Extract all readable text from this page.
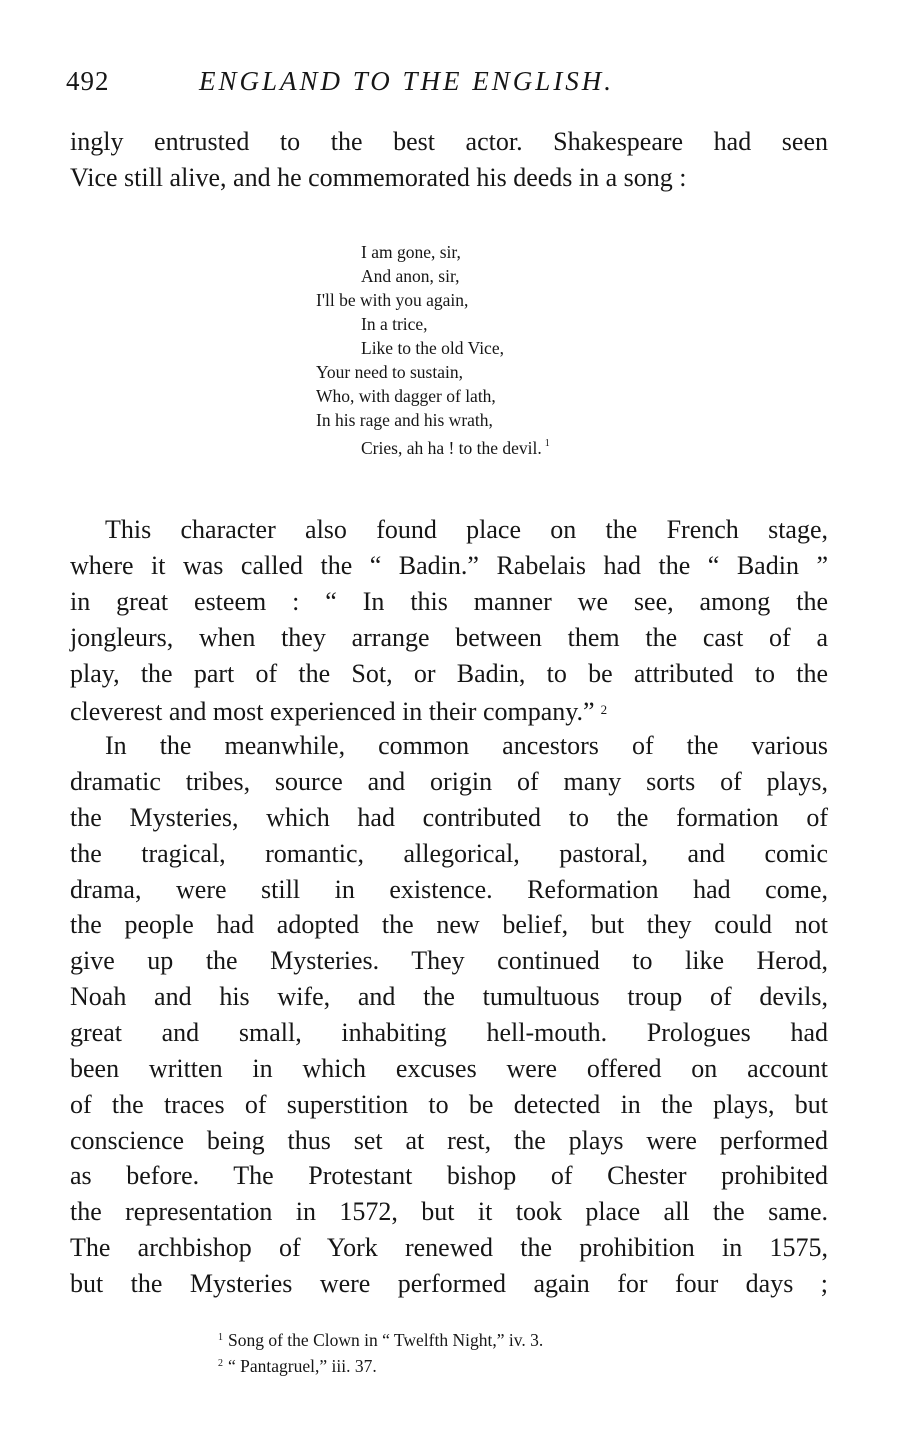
492	ENGLAND TO THE ENGLISH.
ingly entrusted to the best actor. Shakespeare had seen
Vice still alive, and he commemorated his deeds in a song :
I am gone, sir,
And anon, sir,
I'll be with you again,
In a trice,
Like to the old Vice,
Your need to sustain,
Who, with dagger of lath,
In his rage and his wrath,
Cries, ah ha ! to the devil. $^1$
This character also found place on the French stage,
where it was called the “ Badin.” Rabelais had the “ Badin ”
in great esteem : “ In this manner we see, among the
jongleurs, when they arrange between them the cast of a
play, the part of the Sot, or Badin, to be attributed to the
cleverest and most experienced in their company.” $^2$
In the meanwhile, common ancestors of the various
dramatic tribes, source and origin of many sorts of plays,
the Mysteries, which had contributed to the formation of
the tragical, romantic, allegorical, pastoral, and comic
drama, were still in existence. Reformation had come,
the people had adopted the new belief, but they could not
give up the Mysteries. They continued to like Herod,
Noah and his wife, and the tumultuous troup of devils,
great and small, inhabiting hell-mouth. Prologues had
been written in which excuses were offered on account
of the traces of superstition to be detected in the plays, but
conscience being thus set at rest, the plays were performed
as before. The Protestant bishop of Chester prohibited
the representation in 1572, but it took place all the same.
The archbishop of York renewed the prohibition in 1575,
but the Mysteries were performed again for four days ;
$^1$ Song of the Clown in “ Twelfth Night,” iv. 3.
$^2$ “ Pantagruel,” iii. 37.
